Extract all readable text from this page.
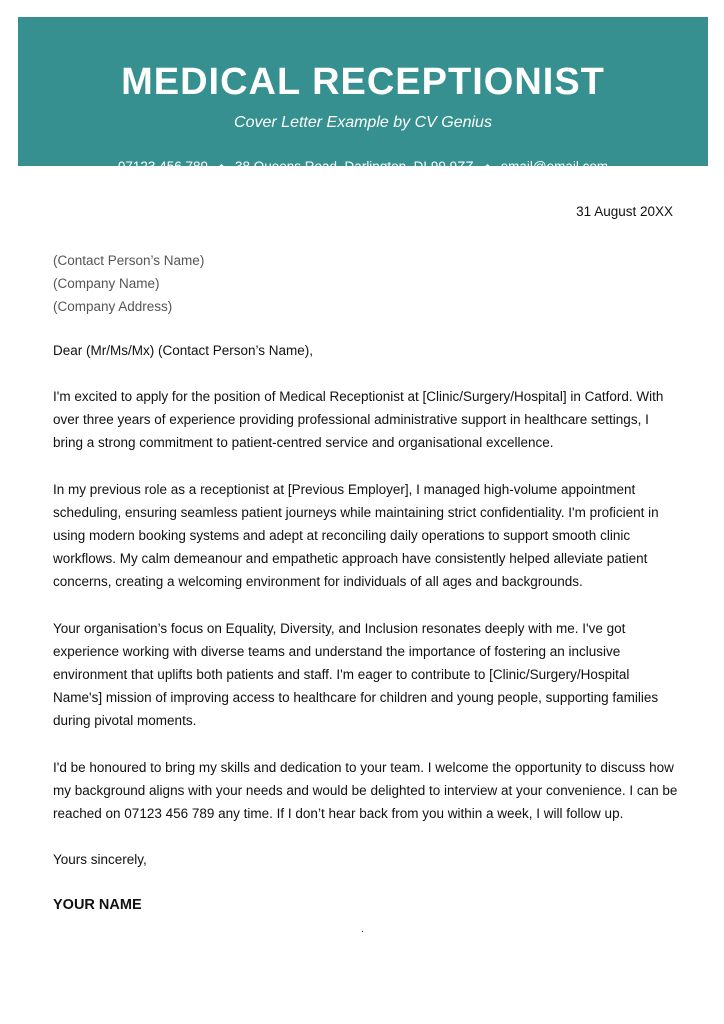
MEDICAL RECEPTIONIST
Cover Letter Example by CV Genius
07123 456 789 38 Queens Road, Darlington, DL99 9ZZ email@email.com
31 August 20XX
(Contact Person’s Name)
(Company Name)
(Company Address)
Dear (Mr/Ms/Mx) (Contact Person’s Name),

I'm excited to apply for the position of Medical Receptionist at [Clinic/Surgery/Hospital] in Catford. With over three years of experience providing professional administrative support in healthcare settings, I bring a strong commitment to patient-centred service and organisational excellence.

In my previous role as a receptionist at [Previous Employer], I managed high-volume appointment scheduling, ensuring seamless patient journeys while maintaining strict confidentiality. I'm proficient in using modern booking systems and adept at reconciling daily operations to support smooth clinic workflows. My calm demeanour and empathetic approach have consistently helped alleviate patient concerns, creating a welcoming environment for individuals of all ages and backgrounds.

Your organisation’s focus on Equality, Diversity, and Inclusion resonates deeply with me. I've got experience working with diverse teams and understand the importance of fostering an inclusive environment that uplifts both patients and staff. I'm eager to contribute to [Clinic/Surgery/Hospital Name's] mission of improving access to healthcare for children and young people, supporting families during pivotal moments.

I'd be honoured to bring my skills and dedication to your team. I welcome the opportunity to discuss how my background aligns with your needs and would be delighted to interview at your convenience. I can be reached on 07123 456 789 any time. If I don’t hear back from you within a week, I will follow up.

Yours sincerely,
YOUR NAME
.
